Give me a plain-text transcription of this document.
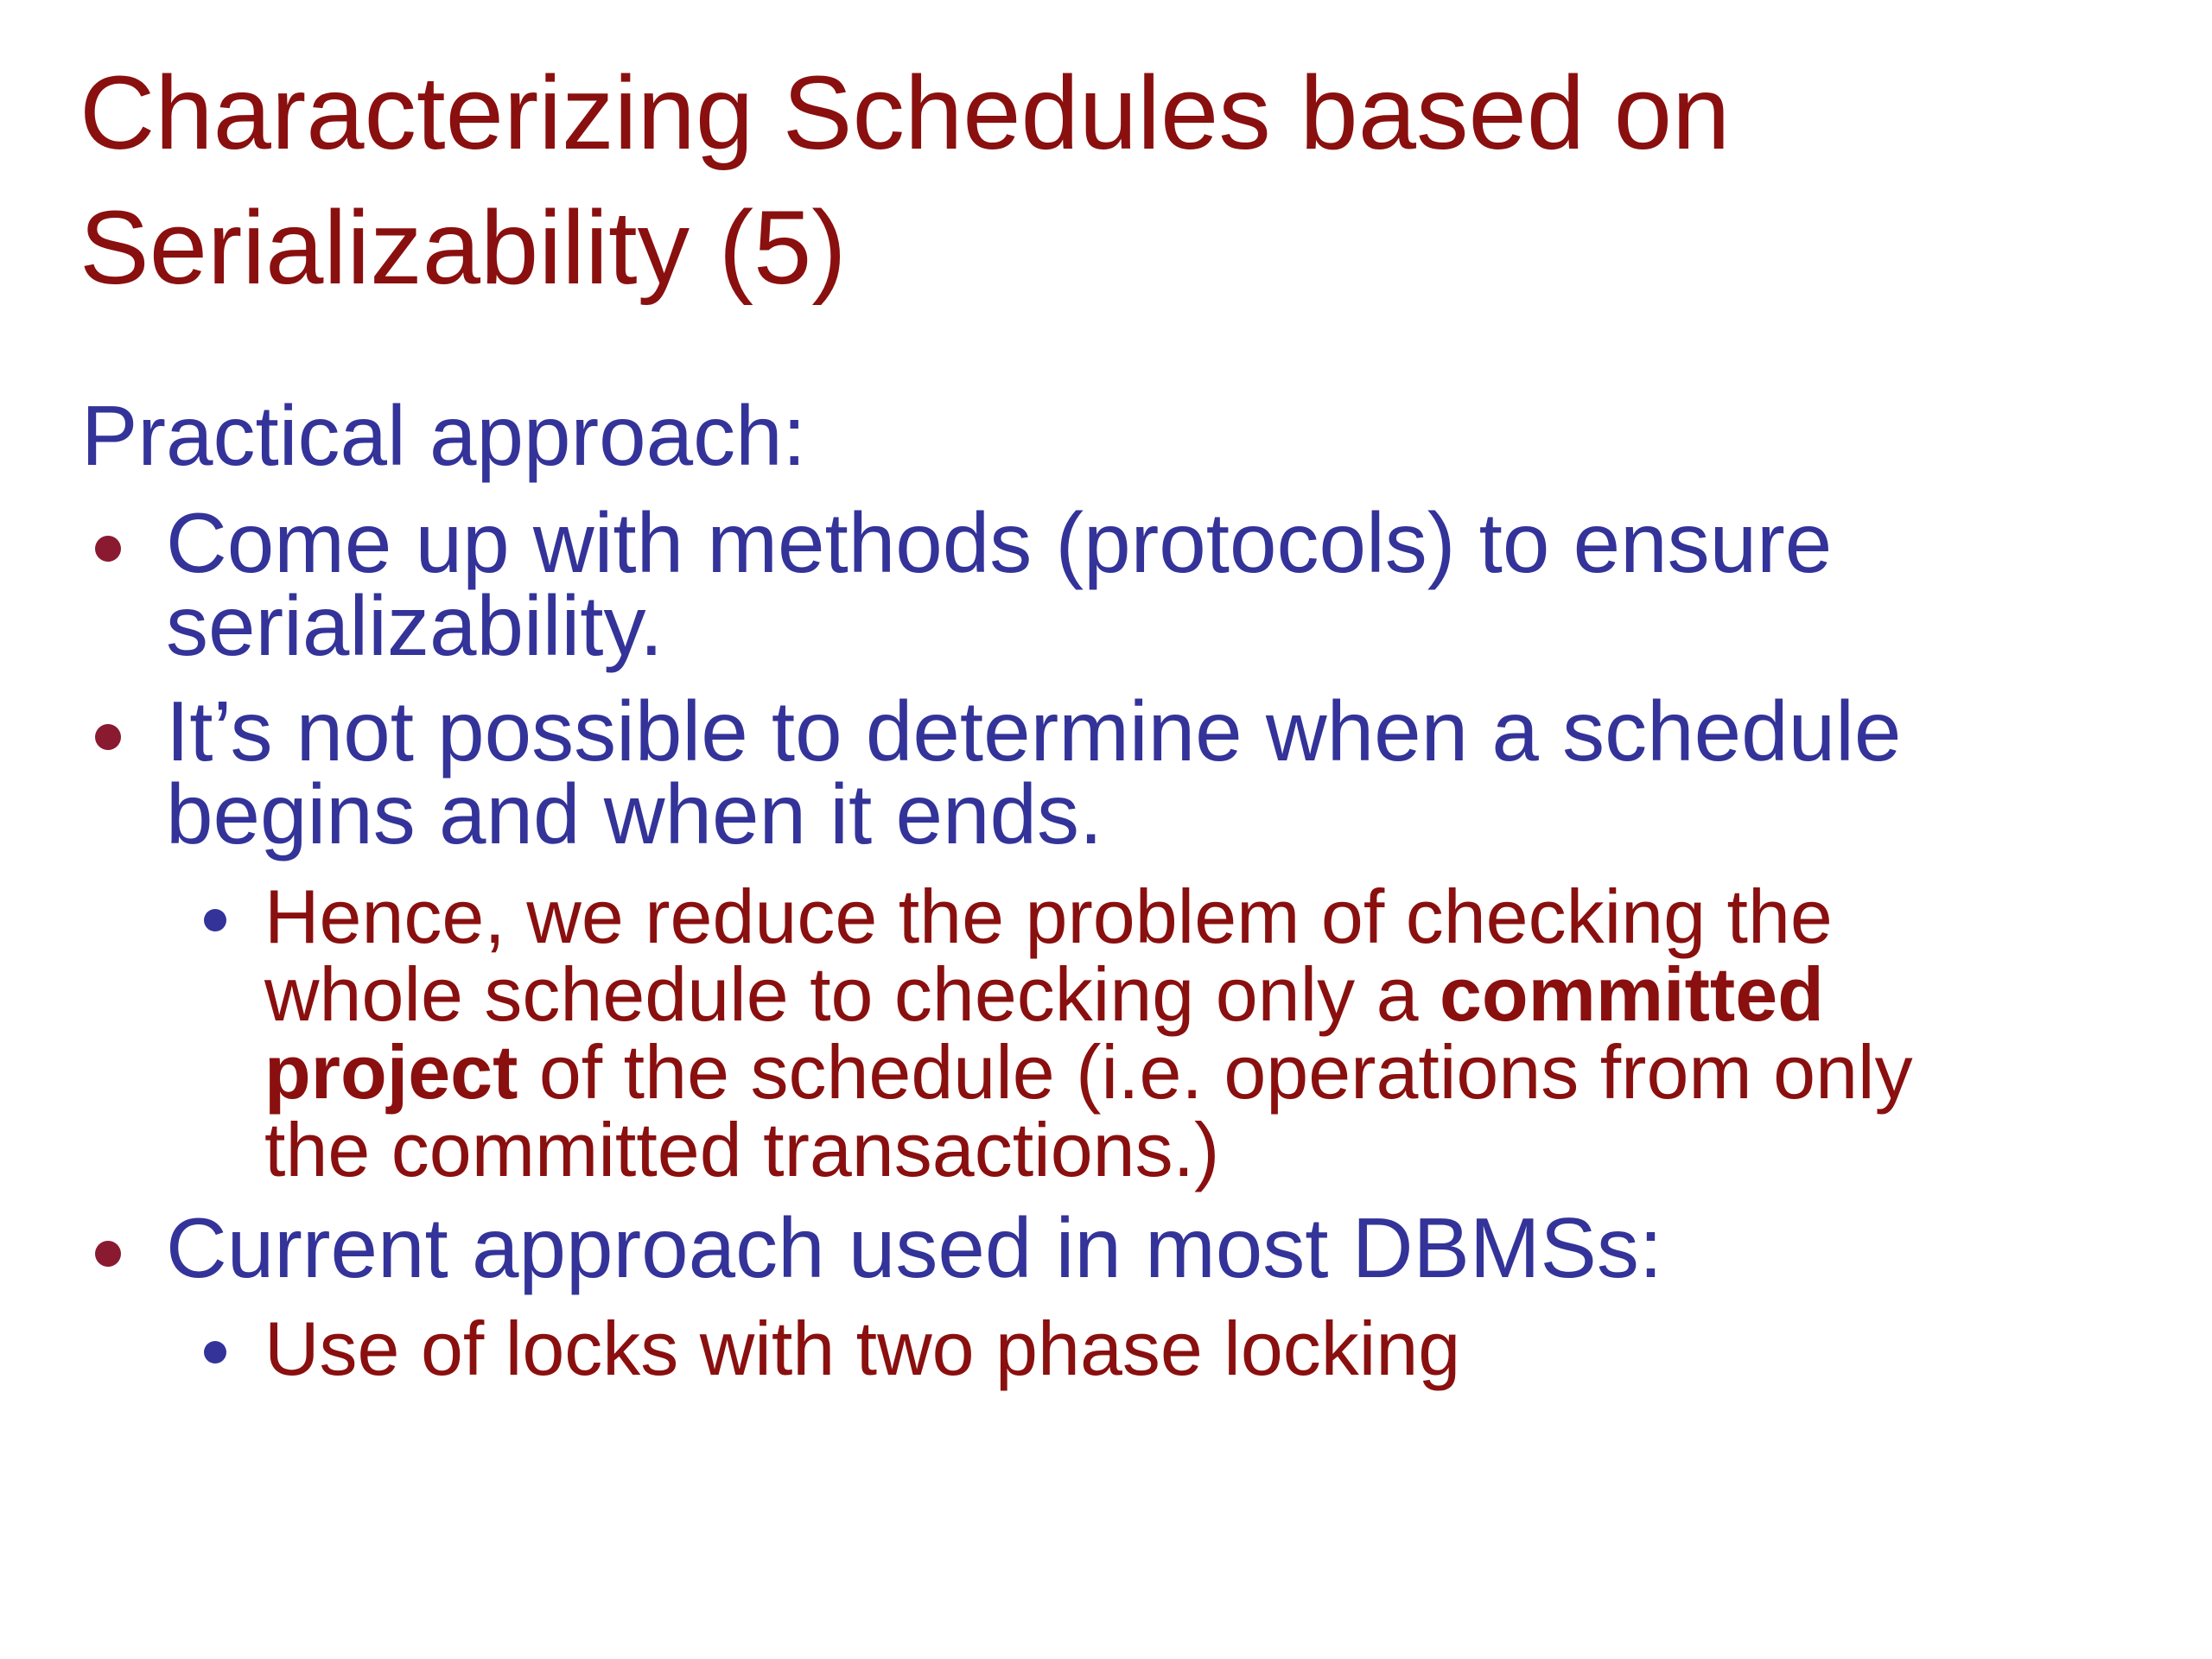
Characterizing Schedules based on
Serializability (5)
Practical approach:
Come up with methods (protocols) to ensure
serializability.
It’s not possible to determine when a schedule
begins and when it ends.
Hence, we reduce the problem of checking the
whole schedule to checking only a committed
project of the schedule (i.e. operations from only
the committed transactions.)
Current approach used in most DBMSs:
Use of locks with two phase locking
